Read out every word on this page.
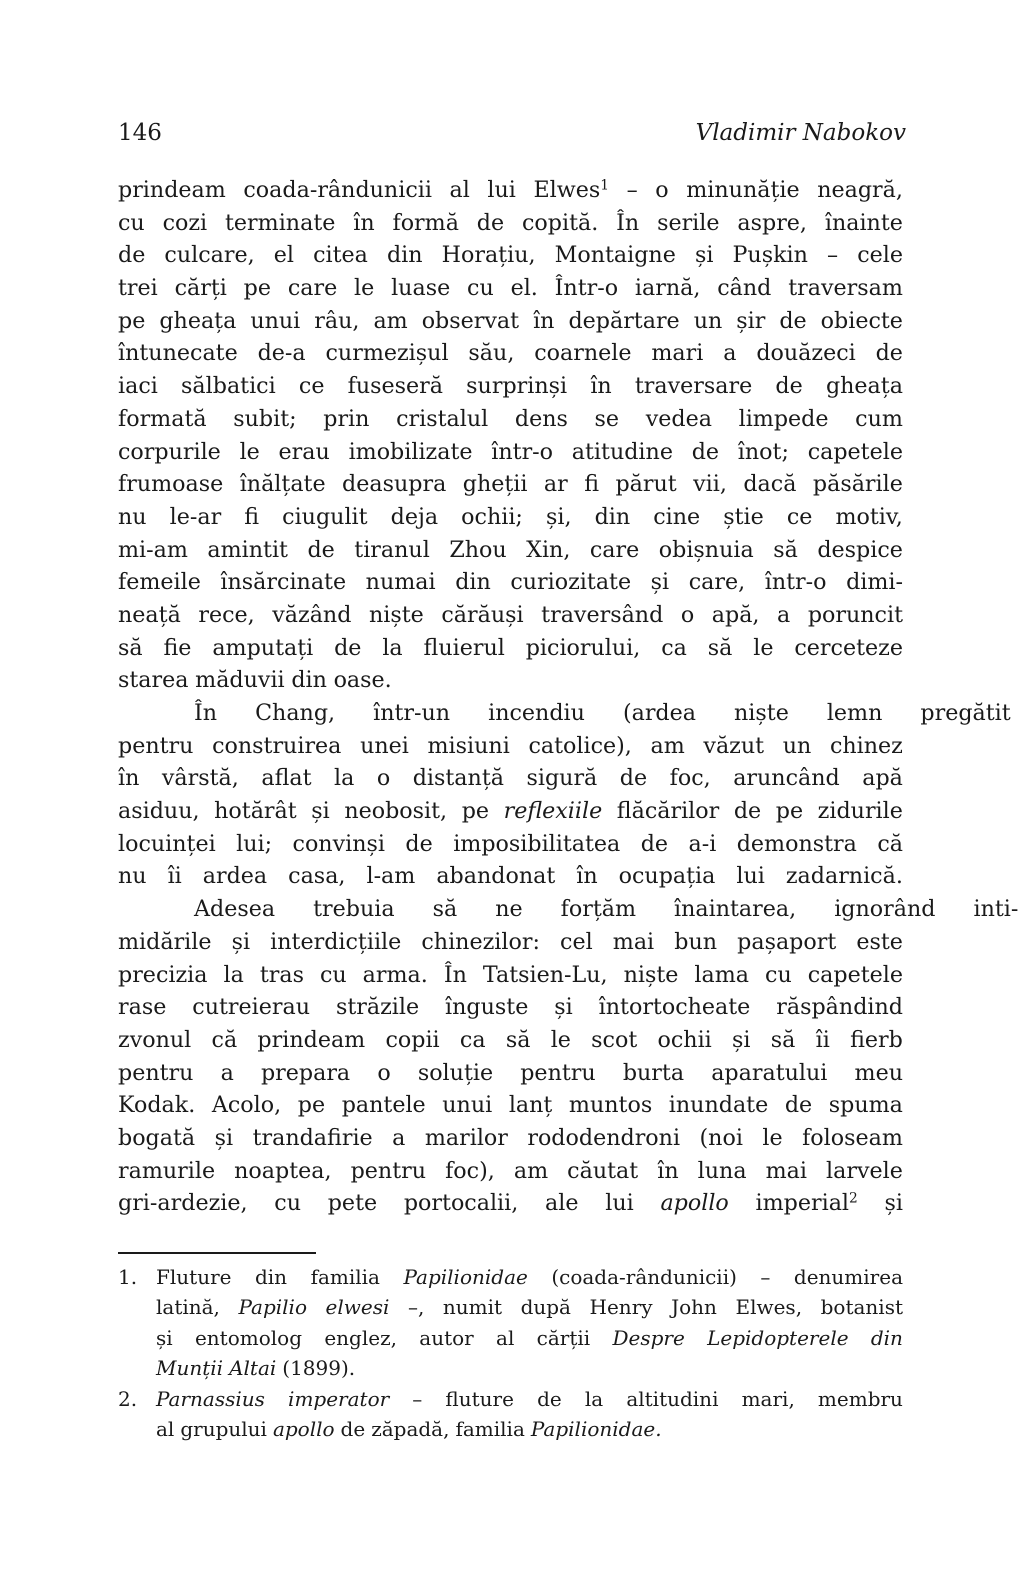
146	Vladimir Nabokov
prindeam coada-rândunicii al lui Elwes$^1$ – o minunăție neagră,
cu cozi terminate în formă de copită. În serile aspre, înainte
de culcare, el citea din Horațiu, Montaigne și Pușkin – cele
trei cărți pe care le luase cu el. Într-o iarnă, când traversam
pe gheața unui râu, am observat în depărtare un șir de obiecte
întunecate de-a curmezișul său, coarnele mari a douăzeci de
iaci sălbatici ce fuseseră surprinși în traversare de gheața
formată subit; prin cristalul dens se vedea limpede cum
corpurile le erau imobilizate într-o atitudine de înot; capetele
frumoase înălțate deasupra gheții ar fi părut vii, dacă păsările
nu le-ar fi ciugulit deja ochii; și, din cine știe ce motiv,
mi-am amintit de tiranul Zhou Xin, care obișnuia să despice
femeile însărcinate numai din curiozitate și care, într-o dimi-
neață rece, văzând niște cărăuși traversând o apă, a poruncit
să fie amputați de la fluierul piciorului, ca să le cerceteze
starea măduvii din oase.
În	Chang,	într-un	incendiu	(ardea	niște	lemn	pregătit
pentru construirea unei misiuni catolice), am văzut un chinez
în vârstă, aflat la o distanță sigură de foc, aruncând apă
asiduu, hotărât și neobosit, pe reflexiile flăcărilor de pe zidurile
locuinței lui; convinși de imposibilitatea de a-i demonstra că
nu îi ardea casa, l-am abandonat în ocupația lui zadarnică.
Adesea	trebuia	să	ne	forțăm	înaintarea,	ignorând	inti-
midările și interdicțiile chinezilor: cel mai bun pașaport este
precizia la tras cu arma. În Tatsien-Lu, niște lama cu capetele
rase cutreierau străzile înguste și întortocheate răspândind
zvonul că prindeam copii ca să le scot ochii și să îi fierb
pentru a prepara o soluție pentru burta aparatului meu
Kodak. Acolo, pe pantele unui lanț muntos inundate de spuma
bogată și trandafirie a marilor rododendroni (noi le foloseam
ramurile noaptea, pentru foc), am căutat în luna mai larvele
gri-ardezie, cu pete portocalii, ale lui apollo imperial$^2$ și
1. Fluture din familia Papilionidae (coada-rândunicii) – denumirea
latină, Papilio elwesi –, numit după Henry John Elwes, botanist
și entomolog englez, autor al cărții Despre Lepidopterele din
Munții Altai (1899).
2. Parnassius imperator – fluture de la altitudini mari, membru
al grupului apollo de zăpadă, familia Papilionidae.
